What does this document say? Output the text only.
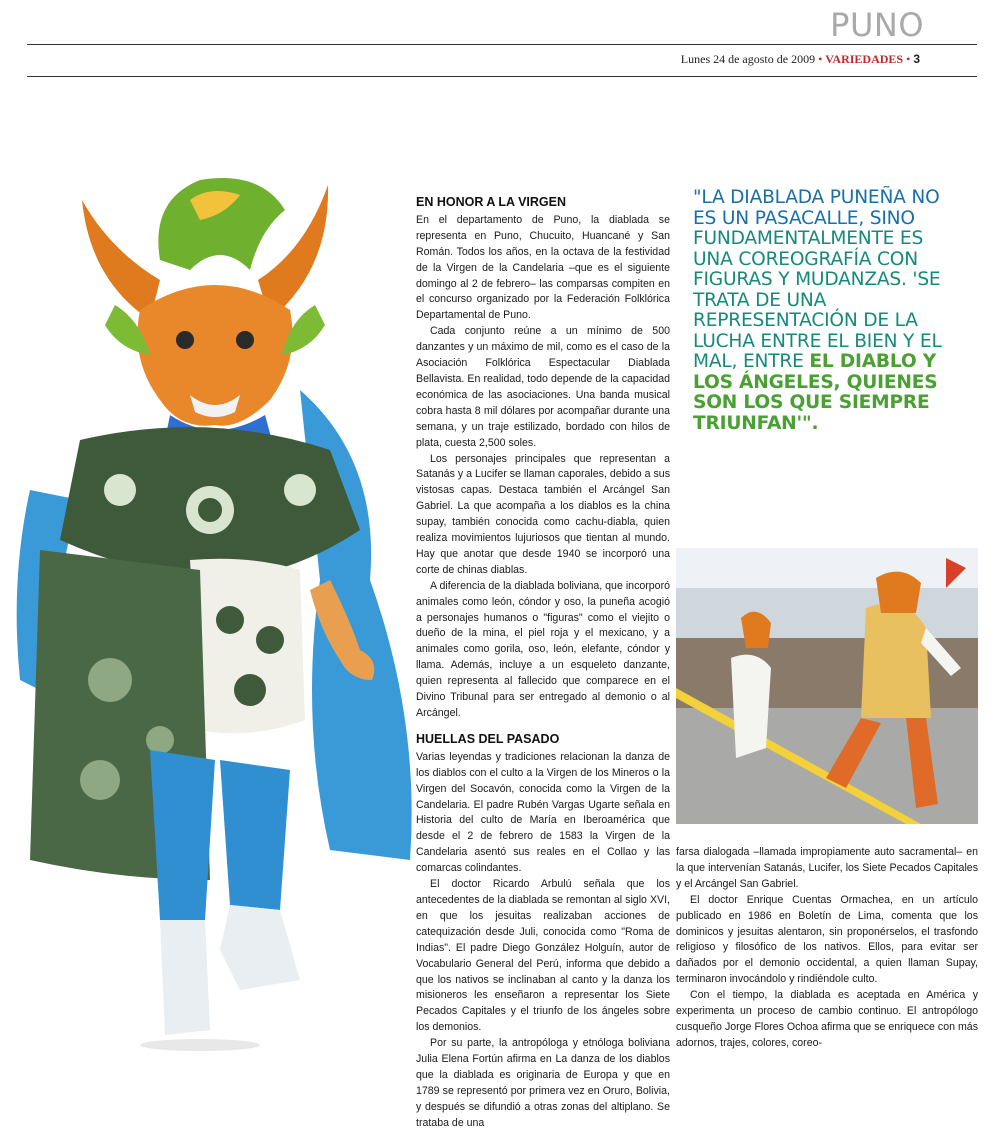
PUNO
Lunes 24 de agosto de 2009 • VARIEDADES • 3
EN HONOR A LA VIRGEN

En el departamento de Puno, la diablada se representa en Puno, Chucuito, Huancané y San Román. Todos los años, en la octava de la festividad de la Virgen de la Candelaria –que es el siguiente domingo al 2 de febrero– las comparsas compiten en el concurso organizado por la Federación Folklórica Departamental de Puno.

Cada conjunto reúne a un mínimo de 500 danzantes y un máximo de mil, como es el caso de la Asociación Folklórica Espectacular Diablada Bellavista. En realidad, todo depende de la capacidad económica de las asociaciones. Una banda musical cobra hasta 8 mil dólares por acompañar durante una semana, y un traje estilizado, bordado con hilos de plata, cuesta 2,500 soles.

Los personajes principales que representan a Satanás y a Lucifer se llaman caporales, debido a sus vistosas capas. Destaca también el Arcángel San Gabriel. La que acompaña a los diablos es la china supay, también conocida como cachu-diabla, quien realiza movimientos lujuriosos que tientan al mundo. Hay que anotar que desde 1940 se incorporó una corte de chinas diablas.

A diferencia de la diablada boliviana, que incorporó animales como león, cóndor y oso, la puneña acogió a personajes humanos o "figuras" como el viejito o dueño de la mina, el piel roja y el mexicano, y a animales como gorila, oso, león, elefante, cóndor y llama. Además, incluye a un esqueleto danzante, quien representa al fallecido que comparece en el Divino Tribunal para ser entregado al demonio o al Arcángel.

HUELLAS DEL PASADO

Varias leyendas y tradiciones relacionan la danza de los diablos con el culto a la Virgen de los Mineros o la Virgen del Socavón, conocida como la Virgen de la Candelaria. El padre Rubén Vargas Ugarte señala en Historia del culto de María en Iberoamérica que desde el 2 de febrero de 1583 la Virgen de la Candelaria asentó sus reales en el Collao y las comarcas colindantes.

El doctor Ricardo Arbulú señala que los antecedentes de la diablada se remontan al siglo XVI, en que los jesuitas realizaban acciones de catequización desde Juli, conocida como "Roma de Indias". El padre Diego González Holguín, autor de Vocabulario General del Perú, informa que debido a que los nativos se inclinaban al canto y la danza los misioneros les enseñaron a representar los Siete Pecados Capitales y el triunfo de los ángeles sobre los demonios.

Por su parte, la antropóloga y etnóloga boliviana Julia Elena Fortún afirma en La danza de los diablos que la diablada es originaria de Europa y que en 1789 se representó por primera vez en Oruro, Bolivia, y después se difundió a otras zonas del altiplano. Se trataba de una

"LA DIABLADA PUNEÑA NO ES UN PASACALLE, SINO FUNDAMENTALMENTE ES UNA COREOGRAFÍA CON FIGURAS Y MUDANZAS. 'SE TRATA DE UNA REPRESENTACIÓN DE LA LUCHA ENTRE EL BIEN Y EL MAL, ENTRE EL DIABLO Y LOS ÁNGELES, QUIENES SON LOS QUE SIEMPRE TRIUNFAN'".

farsa dialogada –llamada impropiamente auto sacramental– en la que intervenían Satanás, Lucifer, los Siete Pecados Capitales y el Arcángel San Gabriel.

El doctor Enrique Cuentas Ormachea, en un artículo publicado en 1986 en Boletín de Lima, comenta que los dominicos y jesuitas alentaron, sin proponérselos, el trasfondo religioso y filosófico de los nativos. Ellos, para evitar ser dañados por el demonio occidental, a quien llaman Supay, terminaron invocándolo y rindiéndole culto.

Con el tiempo, la diablada es aceptada en América y experimenta un proceso de cambio continuo. El antropólogo cusqueño Jorge Flores Ochoa afirma que se enriquece con más adornos, trajes, colores, coreo-
